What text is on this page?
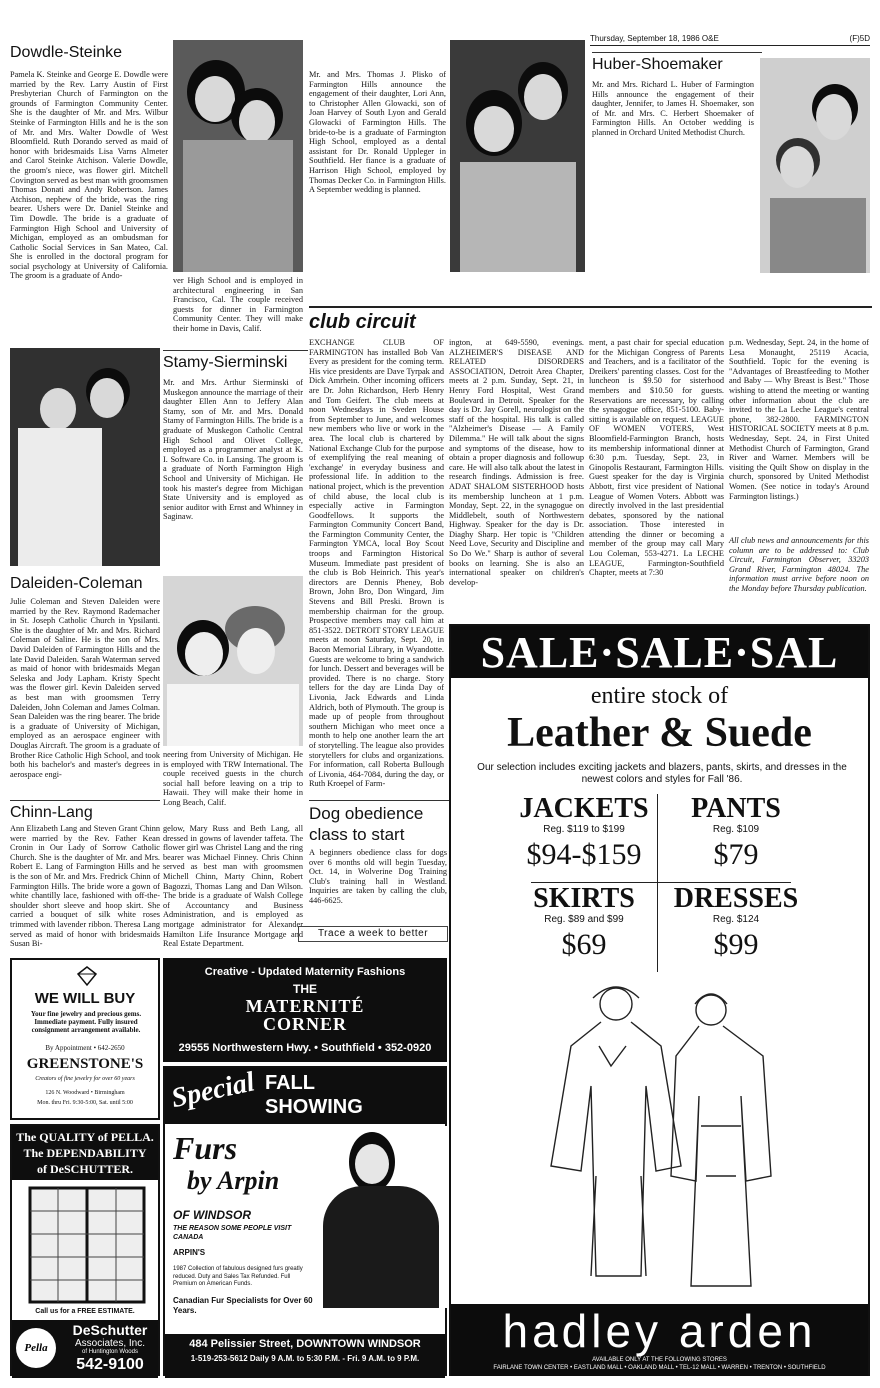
Thursday, September 18, 1986 O&E	(F)5D
Dowdle-Steinke
Pamela K. Steinke and George E. Dowdle were married by the Rev. Larry Austin of First Presbyterian Church of Farmington on the grounds of Farmington Community Center. She is the daughter of Mr. and Mrs. Wilbur Steinke of Farmington Hills and he is the son of Mr. and Mrs. Walter Dowdle of West Bloomfield. Ruth Dorando served as maid of honor with bridesmaids Lisa Varns Almeter and Carol Steinke Atchison. Valerie Dowdle, the groom's niece, was flower girl. Mitchell Covington served as best man with groomsmen Thomas Donati and Andy Robertson. James Atchison, nephew of the bride, was the ring bearer. Ushers were Dr. Daniel Steinke and Tim Dowdle. The bride is a graduate of Farmington High School and University of Michigan, employed as an ombudsman for Catholic Social Services in San Mateo, Cal. She is enrolled in the doctoral program for social psychology at University of California. The groom is a graduate of Ando-
ver High School and is employed in architectural engineering in San Francisco, Cal. The couple received guests for dinner in Farmington Community Center. They will make their home in Davis, Calif.
Mr. and Mrs. Thomas J. Plisko of Farmington Hills announce the engagement of their daughter, Lori Ann, to Christopher Allen Glowacki, son of Joan Harvey of South Lyon and Gerald Glowacki of Farmington Hills. The bride-to-be is a graduate of Farmington High School, employed as a dental assistant for Dr. Ronald Uppleger in Southfield. Her fiance is a graduate of Harrison High School, employed by Thomas Decker Co. in Farmington Hills. A September wedding is planned.
Huber-Shoemaker
Mr. and Mrs. Richard L. Huber of Farmington Hills announce the engagement of their daughter, Jennifer, to James H. Shoemaker, son of Mr. and Mrs. C. Herbert Shoemaker of Farmington Hills. An October wedding is planned in Orchard United Methodist Church.
club circuit
EXCHANGE CLUB OF FARMINGTON has installed Bob Van Every as president for the coming term. His vice presidents are Dave Tyrpak and Dick Amrhein. Other incoming officers are Dr. John Richardson, Herb Henry and Tom Geifert. The club meets at noon Wednesdays in Sveden House from September to June, and welcomes new members who live or work in the area. The local club is chartered by National Exchange Club for the purpose of exemplifying the real meaning of 'exchange' in everyday business and professional life. In addition to the national project, which is the prevention of child abuse, the local club is especially active in Farmington Goodfellows. It supports the Farmington Community Concert Band, the Farmington Community Center, the Farmington YMCA, local Boy Scout troops and Farmington Historical Museum. Immediate past president of the club is Bob Heinrich. This year's directors are Dennis Pheney, Bob Brown, John Bro, Don Wingard, Jim Stevens and Bill Preski. Brown is membership chairman for the group. Prospective members may call him at 851-3522. DETROIT STORY LEAGUE meets at noon Saturday, Sept. 20, in Bacon Memorial Library, in Wyandotte. Guests are welcome to bring a sandwich for lunch. Dessert and beverages will be provided. There is no charge. Story tellers for the day are Linda Day of Livonia, Jack Edwards and Linda Aldrich, both of Plymouth. The group is made up of people from throughout southern Michigan who meet once a month to help one another learn the art of storytelling. The league also provides storytellers for clubs and organizations. For information, call Roberta Bullough of Livonia, 464-7084, during the day, or Ruth Kroepel of Farm-
ington, at 649-5590, evenings. ALZHEIMER'S DISEASE AND RELATED DISORDERS ASSOCIATION, Detroit Area Chapter, meets at 2 p.m. Sunday, Sept. 21, in Henry Ford Hospital, West Grand Boulevard in Detroit. Speaker for the day is Dr. Jay Gorell, neurologist on the staff of the hospital. His talk is called "Alzheimer's Disease — A Family Dilemma." He will talk about the signs and symptoms of the disease, how to obtain a proper diagnosis and followup care. He will also talk about the latest in research findings. Admission is free. ADAT SHALOM SISTERHOOD hosts its membership luncheon at 1 p.m. Monday, Sept. 22, in the synagogue on Middlebelt, south of Northwestern Highway. Speaker for the day is Dr. Diaghy Sharp. Her topic is "Children Need Love, Security and Discipline and So Do We." Sharp is author of several books on learning. She is also an international speaker on children's develop-
ment, a past chair for special education for the Michigan Congress of Parents and Teachers, and is a facilitator of the Dreikers' parenting classes. Cost for the luncheon is $9.50 for sisterhood members and $10.50 for guests. Reservations are necessary, by calling the synagogue office, 851-5100. Baby-sitting is available on request. LEAGUE OF WOMEN VOTERS, West Bloomfield-Farmington Branch, hosts its membership informational dinner at 6:30 p.m. Tuesday, Sept. 23, in Ginopolis Restaurant, Farmington Hills. Guest speaker for the day is Virginia Abbott, first vice president of National League of Women Voters. Abbott was directly involved in the last presidential debates, sponsored by the national association. Those interested in attending the dinner or becoming a member of the group may call Mary Lou Coleman, 553-4271. La LECHE LEAGUE, Farmington-Southfield Chapter, meets at 7:30
p.m. Wednesday, Sept. 24, in the home of Lesa Monaught, 25119 Acacia, Southfield. Topic for the evening is "Advantages of Breastfeeding to Mother and Baby — Why Breast is Best." Those wishing to attend the meeting or wanting other information about the club are invited to the La Leche League's central phone, 382-2800. FARMINGTON HISTORICAL SOCIETY meets at 8 p.m. Wednesday, Sept. 24, in First United Methodist Church of Farmington, Grand River and Warner. Members will be visiting the Quilt Show on display in the church, sponsored by United Methodist Women. (See notice in today's Around Farmington listings.)
All club news and announcements for this column are to be addressed to: Club Circuit, Farmington Observer, 33203 Grand River, Farmington 48024. The information must arrive before noon on the Monday before Thursday publication.
Stamy-Sierminski
Mr. and Mrs. Arthur Sierminski of Muskegon announce the marriage of their daughter Ellen Ann to Jeffery Alan Stamy, son of Mr. and Mrs. Donald Stamy of Farmington Hills. The bride is a graduate of Muskegon Catholic Central High School and Olivet College, employed as a programmer analyst at K. I. Software Co. in Lansing. The groom is a graduate of North Farmington High School and University of Michigan. He took his master's degree from Michigan State University and is employed as senior auditor with Ernst and Whinney in Saginaw.
Daleiden-Coleman
Julie Coleman and Steven Daleiden were married by the Rev. Raymond Rademacher in St. Joseph Catholic Church in Ypsilanti. She is the daughter of Mr. and Mrs. Richard Coleman of Saline. He is the son of Mrs. David Daleiden of Farmington Hills and the late David Daleiden. Sarah Waterman served as maid of honor with bridesmaids Megan Seleska and Jody Lapham. Kristy Specht was the flower girl. Kevin Daleiden served as best man with groomsmen Terry Daleiden, John Coleman and James Colman. Sean Daleiden was the ring bearer. The bride is a graduate of University of Michigan, employed as an aerospace engineer with Douglas Aircraft. The groom is a graduate of Brother Rice Catholic High School, and took both his bachelor's and master's degrees in aerospace engi-
neering from University of Michigan. He is employed with TRW International. The couple received guests in the church social hall before leaving on a trip to Hawaii. They will make their home in Long Beach, Calif.
Chinn-Lang
Ann Elizabeth Lang and Steven Grant Chinn were married by the Rev. Father Kean Cronin in Our Lady of Sorrow Catholic Church. She is the daughter of Mr. and Mrs. Robert E. Lang of Farmington Hills and he is the son of Mr. and Mrs. Fredrick Chinn of Farmington Hills. The bride wore a gown of white chantilly lace, fashioned with off-the-shoulder short sleeve and hoop skirt. She carried a bouquet of silk white roses trimmed with lavender ribbon. Theresa Lang served as maid of honor with bridesmaids Susan Bi-
gelow, Mary Russ and Beth Lang, all dressed in gowns of lavender taffeta. The flower girl was Christel Lang and the ring bearer was Michael Finney. Chris Chinn served as best man with groomsmen Michell Chinn, Marty Chinn, Robert Bagozzi, Thomas Lang and Dan Wilson. The bride is a graduate of Walsh College of Accountancy and Business Administration, and is employed as mortgage administrator for Alexander Hamilton Life Insurance Mortgage and Real Estate Department.
Dog obedience class to start
A beginners obedience class for dogs over 6 months old will begin Tuesday, Oct. 14, in Wolverine Dog Training Club's training hall in Westland. Inquiries are taken by calling the club, 446-6625.
Trace a week to better
SALE·SALE·SAL
entire stock of
Leather & Suede
Our selection includes exciting jackets and blazers, pants, skirts, and dresses in the newest colors and styles for Fall '86.
JACKETS
Reg. $119 to $199
$94-$159
PANTS
Reg. $109
$79
SKIRTS
Reg. $89 and $99
$69
DRESSES
Reg. $124
$99
hadley arden
AVAILABLE ONLY AT THE FOLLOWING STORES
FAIRLANE TOWN CENTER • EASTLAND MALL • OAKLAND MALL • TEL-12 MALL • WARREN • TRENTON • SOUTHFIELD
Creative - Updated Maternity Fashions
THE
MATERNITÉ
CORNER
29555 Northwestern Hwy. • Southfield • 352-0920
WE WILL BUY
Your fine jewelry and precious gems. Immediate payment. Fully insured consignment arrangement available.
By Appointment • 642-2650
GREENSTONE'S
Creators of fine jewelry for over 60 years
126 N. Woodward • Birmingham
Mon. thru Fri. 9:30-5:00, Sat. until 5:00
The QUALITY of PELLA.
The DEPENDABILITY
of DeSCHUTTER.
Call us for a FREE ESTIMATE.
Pella
DeSchutter
Associates, Inc.
of Huntington Woods
542-9100
Special FALL
SHOWING
Furs
by Arpin
OF WINDSOR
THE REASON SOME PEOPLE VISIT CANADA
ARPIN'S
1987 Collection of fabulous designed furs greatly reduced. Duty and Sales Tax Refunded. Full Premium on American Funds.
Canadian Fur Specialists for Over 60 Years.
484 Pelissier Street, DOWNTOWN WINDSOR
1-519-253-5612 Daily 9 A.M. to 5:30 P.M. - Fri. 9 A.M. to 9 P.M.
